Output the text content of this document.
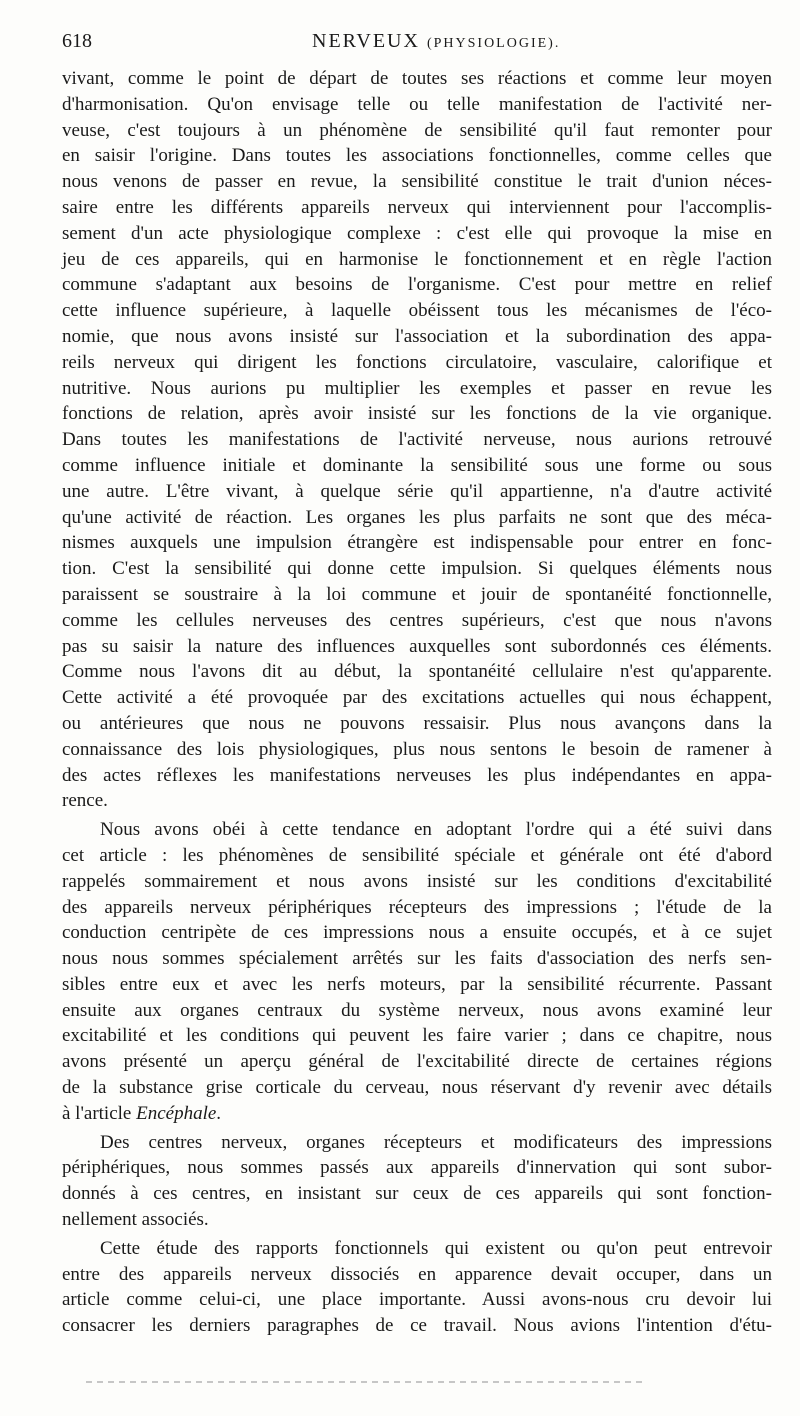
618	NERVEUX (PHYSIOLOGIE).
vivant, comme le point de départ de toutes ses réactions et comme leur moyen
d'harmonisation. Qu'on envisage telle ou telle manifestation de l'activité ner-
veuse, c'est toujours à un phénomène de sensibilité qu'il faut remonter pour
en saisir l'origine. Dans toutes les associations fonctionnelles, comme celles que
nous venons de passer en revue, la sensibilité constitue le trait d'union néces-
saire entre les différents appareils nerveux qui interviennent pour l'accomplis-
sement d'un acte physiologique complexe : c'est elle qui provoque la mise en
jeu de ces appareils, qui en harmonise le fonctionnement et en règle l'action
commune s'adaptant aux besoins de l'organisme. C'est pour mettre en relief
cette influence supérieure, à laquelle obéissent tous les mécanismes de l'éco-
nomie, que nous avons insisté sur l'association et la subordination des appa-
reils nerveux qui dirigent les fonctions circulatoire, vasculaire, calorifique et
nutritive. Nous aurions pu multiplier les exemples et passer en revue les
fonctions de relation, après avoir insisté sur les fonctions de la vie organique.
Dans toutes les manifestations de l'activité nerveuse, nous aurions retrouvé
comme influence initiale et dominante la sensibilité sous une forme ou sous
une autre. L'être vivant, à quelque série qu'il appartienne, n'a d'autre activité
qu'une activité de réaction. Les organes les plus parfaits ne sont que des méca-
nismes auxquels une impulsion étrangère est indispensable pour entrer en fonc-
tion. C'est la sensibilité qui donne cette impulsion. Si quelques éléments nous
paraissent se soustraire à la loi commune et jouir de spontanéité fonctionnelle,
comme les cellules nerveuses des centres supérieurs, c'est que nous n'avons
pas su saisir la nature des influences auxquelles sont subordonnés ces éléments.
Comme nous l'avons dit au début, la spontanéité cellulaire n'est qu'apparente.
Cette activité a été provoquée par des excitations actuelles qui nous échappent,
ou antérieures que nous ne pouvons ressaisir. Plus nous avançons dans la
connaissance des lois physiologiques, plus nous sentons le besoin de ramener à
des actes réflexes les manifestations nerveuses les plus indépendantes en appa-
rence.
Nous avons obéi à cette tendance en adoptant l'ordre qui a été suivi dans
cet article : les phénomènes de sensibilité spéciale et générale ont été d'abord
rappelés sommairement et nous avons insisté sur les conditions d'excitabilité
des appareils nerveux périphériques récepteurs des impressions ; l'étude de la
conduction centripète de ces impressions nous a ensuite occupés, et à ce sujet
nous nous sommes spécialement arrêtés sur les faits d'association des nerfs sen-
sibles entre eux et avec les nerfs moteurs, par la sensibilité récurrente. Passant
ensuite aux organes centraux du système nerveux, nous avons examiné leur
excitabilité et les conditions qui peuvent les faire varier ; dans ce chapitre, nous
avons présenté un aperçu général de l'excitabilité directe de certaines régions
de la substance grise corticale du cerveau, nous réservant d'y revenir avec détails
à l'article Encéphale.
Des centres nerveux, organes récepteurs et modificateurs des impressions
périphériques, nous sommes passés aux appareils d'innervation qui sont subor-
donnés à ces centres, en insistant sur ceux de ces appareils qui sont fonction-
nellement associés.
Cette étude des rapports fonctionnels qui existent ou qu'on peut entrevoir
entre des appareils nerveux dissociés en apparence devait occuper, dans un
article comme celui-ci, une place importante. Aussi avons-nous cru devoir lui
consacrer les derniers paragraphes de ce travail. Nous avions l'intention d'étu-
